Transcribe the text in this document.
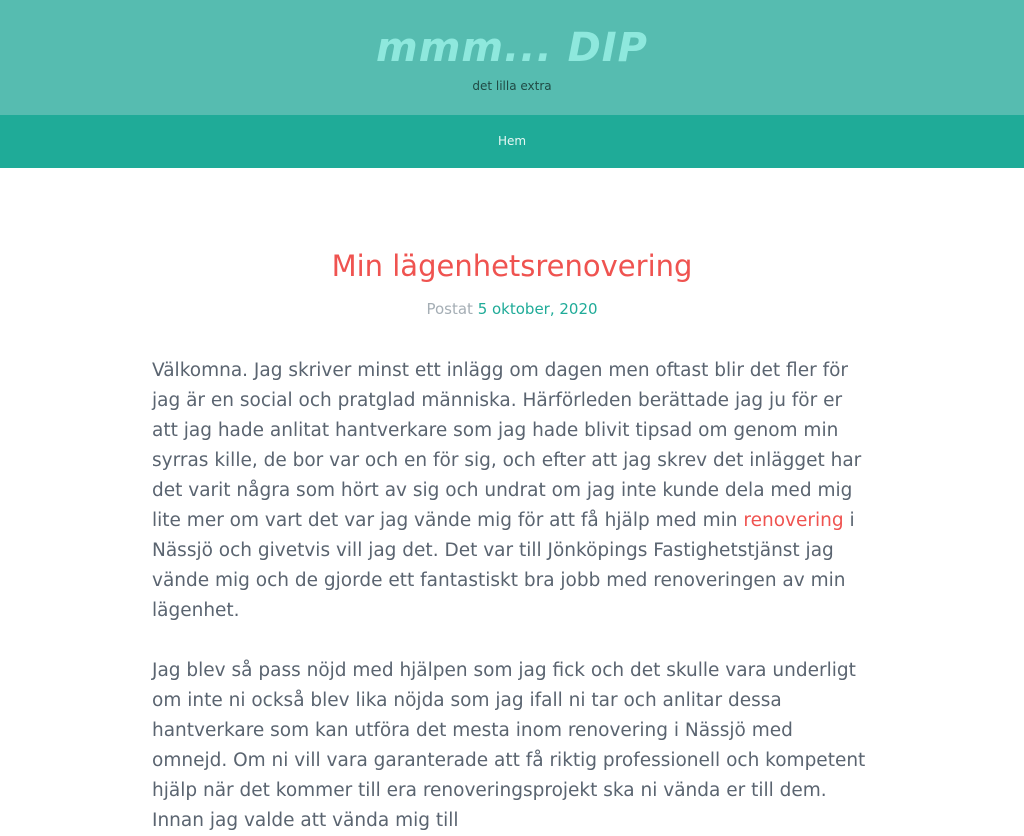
mmm... DIP
det lilla extra
Hem
Min lägenhetsrenovering
Postat 5 oktober, 2020

Välkomna. Jag skriver minst ett inlägg om dagen men oftast blir det fler för jag är en social och pratglad människa. Härförleden berättade jag ju för er att jag hade anlitat hantverkare som jag hade blivit tipsad om genom min syrras kille, de bor var och en för sig, och efter att jag skrev det inlägget har det varit några som hört av sig och undrat om jag inte kunde dela med mig lite mer om vart det var jag vände mig för att få hjälp med min renovering i Nässjö och givetvis vill jag det. Det var till Jönköpings Fastighetstjänst jag vände mig och de gjorde ett fantastiskt bra jobb med renoveringen av min lägenhet.

Jag blev så pass nöjd med hjälpen som jag fick och det skulle vara underligt om inte ni också blev lika nöjda som jag ifall ni tar och anlitar dessa hantverkare som kan utföra det mesta inom renovering i Nässjö med omnejd. Om ni vill vara garanterade att få riktig professionell och kompetent hjälp när det kommer till era renoveringsprojekt ska ni vända er till dem. Innan jag valde att vända mig till
